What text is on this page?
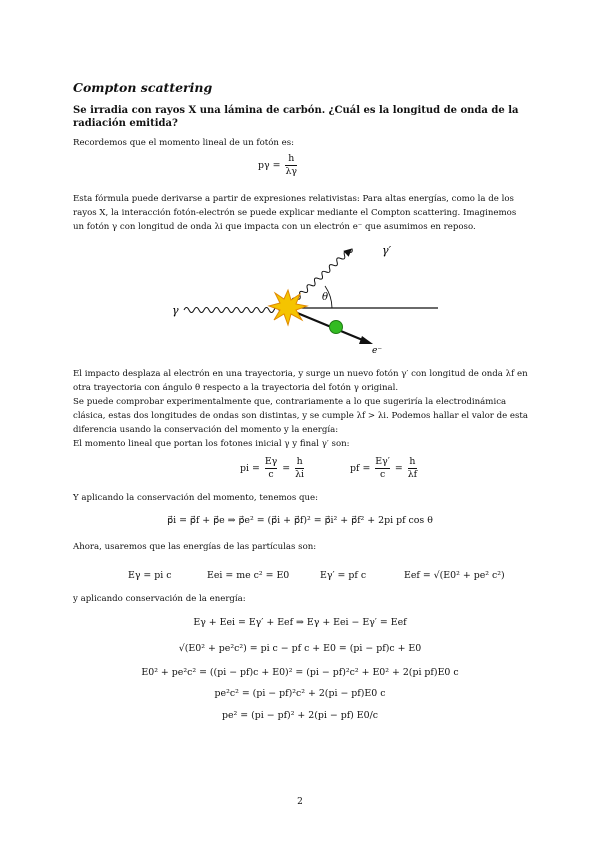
Compton scattering
Se irradia con rayos X una lámina de carbón. ¿Cuál es la longitud de onda de la radiación emitida?
Recordemos que el momento lineal de un fotón es:
$p\gamma = \frac{h}{\lambda\gamma}$
Esta fórmula puede derivarse a partir de expresiones relativistas: Para altas energías, como la de los rayos X, la interacción fotón-electrón se puede explicar mediante el Compton scattering. Imaginemos un fotón γ con longitud de onda λi que impacta con un electrón e⁻ que asumimos en reposo.
γ
γ′
θ
e⁻
El impacto desplaza al electrón en una trayectoria, y surge un nuevo fotón γ′ con longitud de onda λf en otra trayectoria con ángulo θ respecto a la trayectoria del fotón γ original.
Se puede comprobar experimentalmente que, contrariamente a lo que sugeriría la electrodinámica clásica, estas dos longitudes de ondas son distintas, y se cumple λf > λi. Podemos hallar el valor de esta diferencia usando la conservación del momento y la energía:
El momento lineal que portan los fotones inicial γ y final γ′ son:
pi = $\frac{E\gamma}{c} = \frac{h}{\lambda i}$	pf = $\frac{E\gamma'}{c} = \frac{h}{\lambda f}$
Y aplicando la conservación del momento, tenemos que:
p⃗i = p⃗f + p⃗e ⇒ p⃗e² = (p⃗i + p⃗f)² = p⃗i² + p⃗f² + 2pi pf cos θ
Ahora, usaremos que las energías de las partículas son:
Eγ = pi c	Eei = me c² = E0	Eγ′ = pf c	Eef = √(E0² + pe² c²)
y aplicando conservación de la energía:
Eγ + Eei = Eγ′ + Eef ⇒ Eγ + Eei − Eγ′ = Eef
√(E0² + pe²c²) = pi c − pf c + E0 = (pi − pf)c + E0
E0² + pe²c² = ((pi − pf)c + E0)² = (pi − pf)²c² + E0² + 2(pi pf)E0 c
pe²c² = (pi − pf)²c² + 2(pi − pf)E0 c
pe² = (pi − pf)² + 2(pi − pf) E0/c
2
